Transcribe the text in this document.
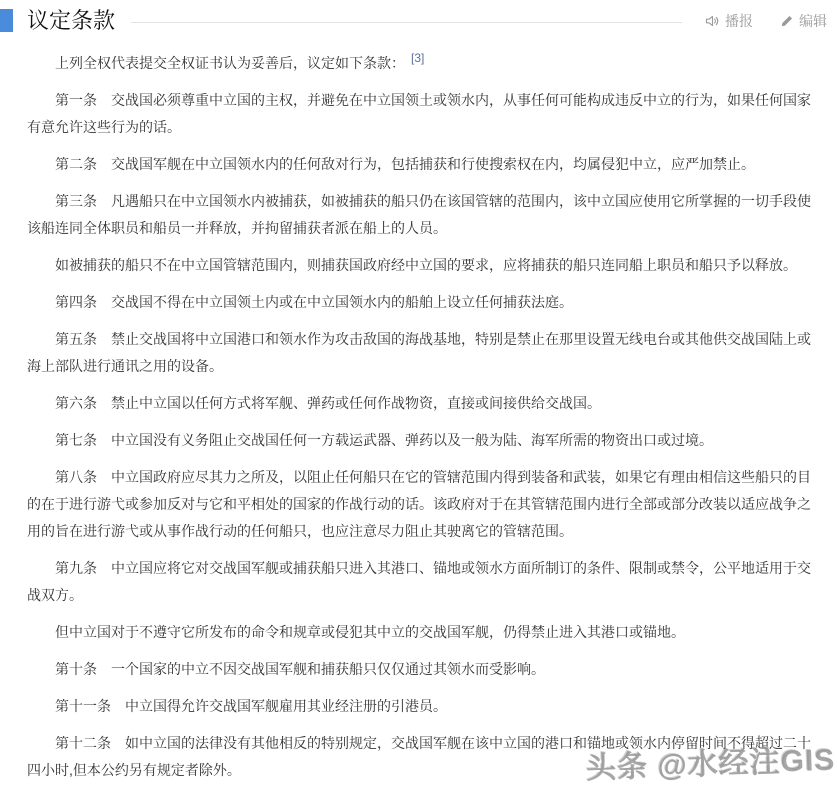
议定条款	播报	编辑

上列全权代表提交全权证书认为妥善后，议定如下条款： [3]

第一条 交战国必须尊重中立国的主权，并避免在中立国领土或领水内，从事任何可能构成违反中立的行为，如果任何国家有意允许这些行为的话。

第二条 交战国军舰在中立国领水内的任何敌对行为，包括捕获和行使搜索权在内，均属侵犯中立，应严加禁止。

第三条 凡遇船只在中立国领水内被捕获，如被捕获的船只仍在该国管辖的范围内，该中立国应使用它所掌握的一切手段使该船连同全体职员和船员一并释放，并拘留捕获者派在船上的人员。

如被捕获的船只不在中立国管辖范围内，则捕获国政府经中立国的要求，应将捕获的船只连同船上职员和船只予以释放。

第四条 交战国不得在中立国领土内或在中立国领水内的船舶上设立任何捕获法庭。

第五条 禁止交战国将中立国港口和领水作为攻击敌国的海战基地，特别是禁止在那里设置无线电台或其他供交战国陆上或海上部队进行通讯之用的设备。

第六条 禁止中立国以任何方式将军舰、弹药或任何作战物资，直接或间接供给交战国。

第七条 中立国没有义务阻止交战国任何一方载运武器、弹药以及一般为陆、海军所需的物资出口或过境。

第八条 中立国政府应尽其力之所及，以阻止任何船只在它的管辖范围内得到装备和武装，如果它有理由相信这些船只的目的在于进行游弋或参加反对与它和平相处的国家的作战行动的话。该政府对于在其管辖范围内进行全部或部分改装以适应战争之用的旨在进行游弋或从事作战行动的任何船只，也应注意尽力阻止其驶离它的管辖范围。

第九条 中立国应将它对交战国军舰或捕获船只进入其港口、锚地或领水方面所制订的条件、限制或禁令，公平地适用于交战双方。

但中立国对于不遵守它所发布的命令和规章或侵犯其中立的交战国军舰，仍得禁止进入其港口或锚地。

第十条 一个国家的中立不因交战国军舰和捕获船只仅仅通过其领水而受影响。

第十一条 中立国得允许交战国军舰雇用其业经注册的引港员。

第十二条 如中立国的法律没有其他相反的特别规定，交战国军舰在该中立国的港口和锚地或领水内停留时间不得超过二十四小时,但本公约另有规定者除外。	头条 @水经注GIS
